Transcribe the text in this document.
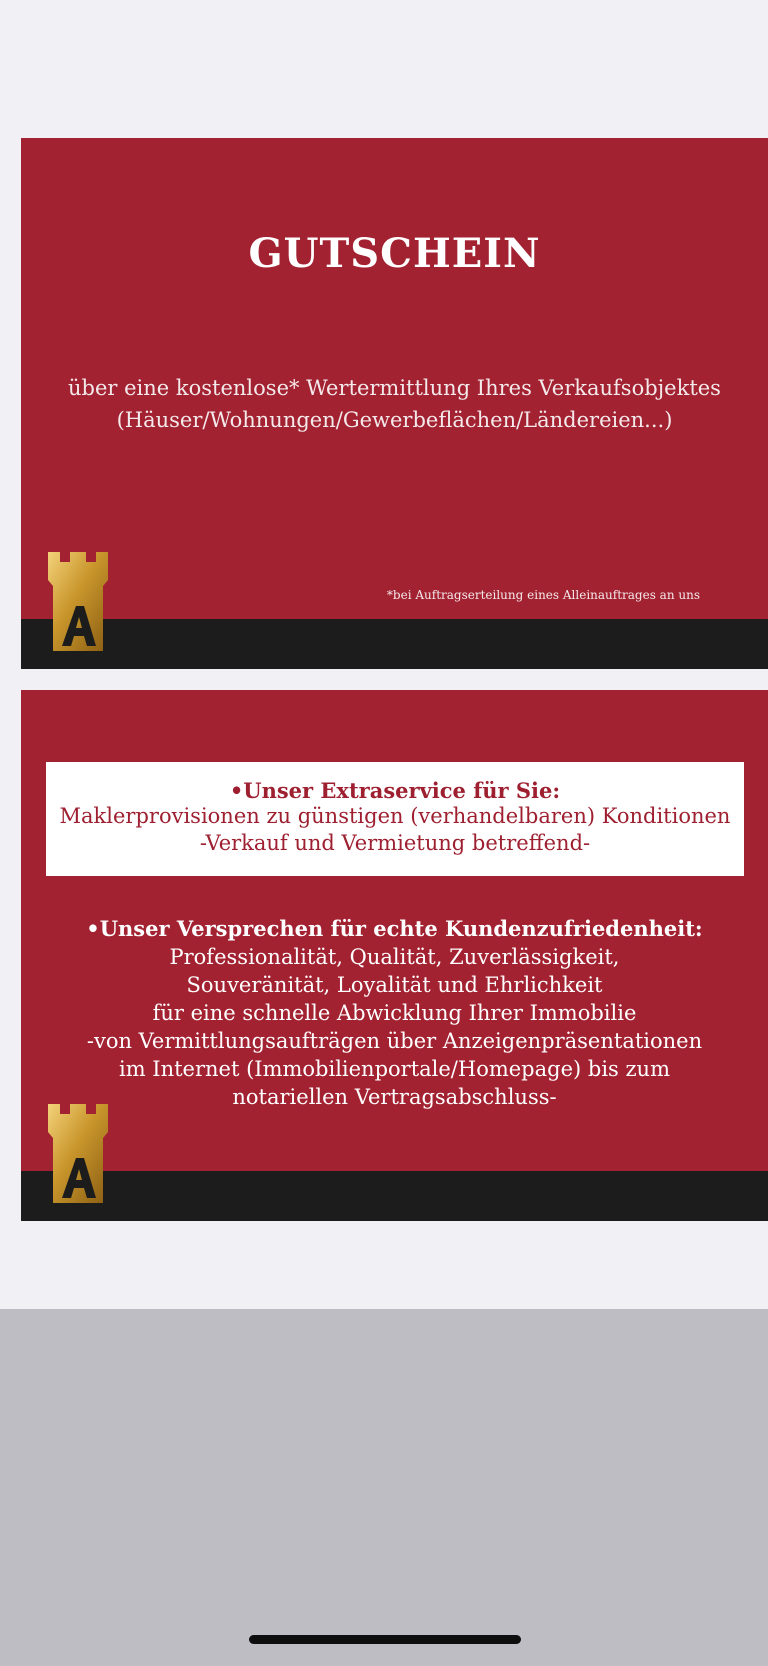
GUTSCHEIN
über eine kostenlose* Wertermittlung Ihres Verkaufsobjektes
(Häuser/Wohnungen/Gewerbeflächen/Ländereien...)
*bei Auftragserteilung eines Alleinauftrages an uns
A
•Unser Extraservice für Sie:
Maklerprovisionen zu günstigen (verhandelbaren) Konditionen
-Verkauf und Vermietung betreffend-
•Unser Versprechen für echte Kundenzufriedenheit:
Professionalität, Qualität, Zuverlässigkeit,
Souveränität, Loyalität und Ehrlichkeit
für eine schnelle Abwicklung Ihrer Immobilie
-von Vermittlungsaufträgen über Anzeigenpräsentationen
im Internet (Immobilienportale/Homepage) bis zum
notariellen Vertragsabschluss-
A
